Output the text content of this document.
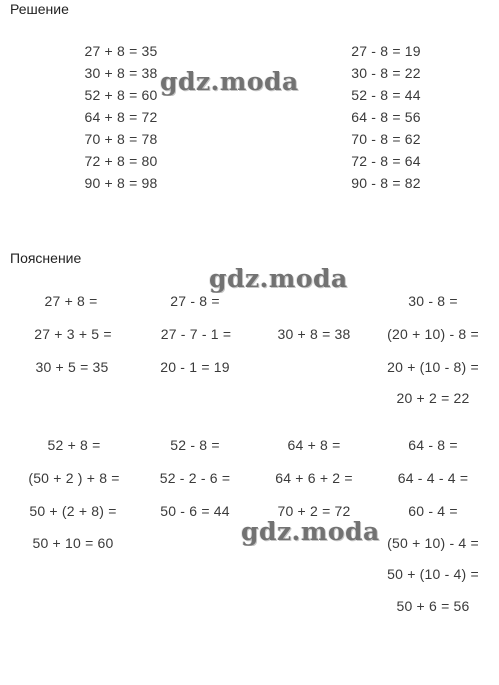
Решение
27 + 8 = 35
30 + 8 = 38
52 + 8 = 60
64 + 8 = 72
70 + 8 = 78
72 + 8 = 80
90 + 8 = 98
27 - 8 = 19
30 - 8 = 22
52 - 8 = 44
64 - 8 = 56
70 - 8 = 62
72 - 8 = 64
90 - 8 = 82
Пояснение
27 + 8 =
27 + 3 + 5 =
30 + 5 = 35
27 - 8 =
27 - 7 - 1 =
20 - 1 = 19
30 + 8 = 38
30 - 8 =
(20 + 10) - 8 =
20 + (10 - 8) =
20 + 2 = 22
52 + 8 =
(50 + 2 ) + 8 =
50 + (2 + 8) =
50 + 10 = 60
52 - 8 =
52 - 2 - 6 =
50 - 6 = 44
64 + 8 =
64 + 6 + 2 =
70 + 2 = 72
64 - 8 =
64 - 4 - 4 =
60 - 4 =
(50 + 10) - 4 =
50 + (10 - 4) =
50 + 6 = 56
gdz.moda
gdz.moda
gdz.moda
